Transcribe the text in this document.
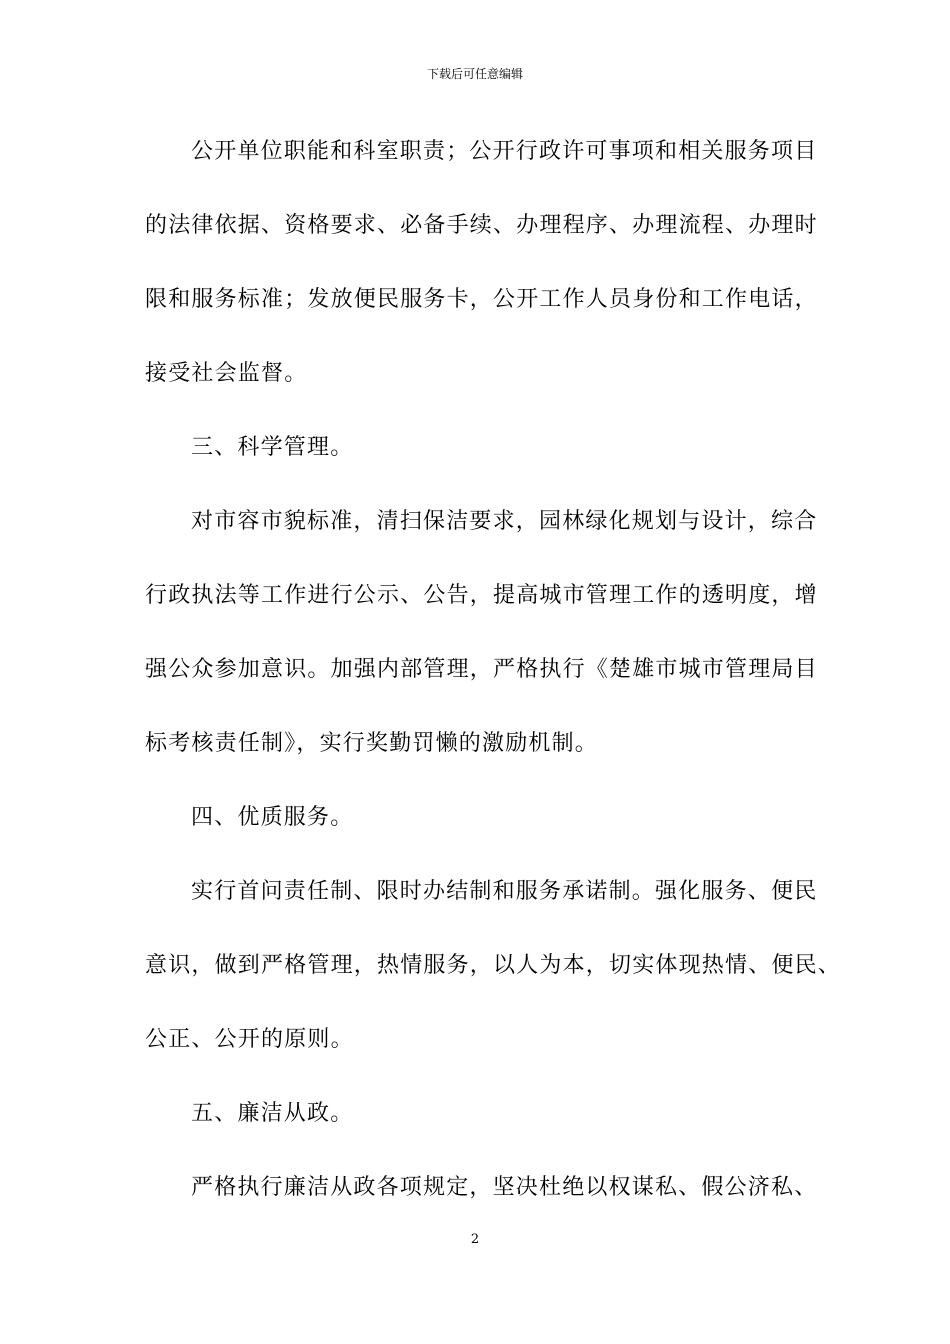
下载后可任意编辑
公开单位职能和科室职责；公开行政许可事项和相关服务项目
的法律依据、资格要求、必备手续、办理程序、办理流程、办理时
限和服务标准；发放便民服务卡，公开工作人员身份和工作电话，
接受社会监督。
三、科学管理。
对市容市貌标准，清扫保洁要求，园林绿化规划与设计，综合
行政执法等工作进行公示、公告，提高城市管理工作的透明度，增
强公众参加意识。加强内部管理，严格执行《楚雄市城市管理局目
标考核责任制》，实行奖勤罚懒的激励机制。
四、优质服务。
实行首问责任制、限时办结制和服务承诺制。强化服务、便民
意识，做到严格管理，热情服务，以人为本，切实体现热情、便民、
公正、公开的原则。
五、廉洁从政。
严格执行廉洁从政各项规定，坚决杜绝以权谋私、假公济私、
2
